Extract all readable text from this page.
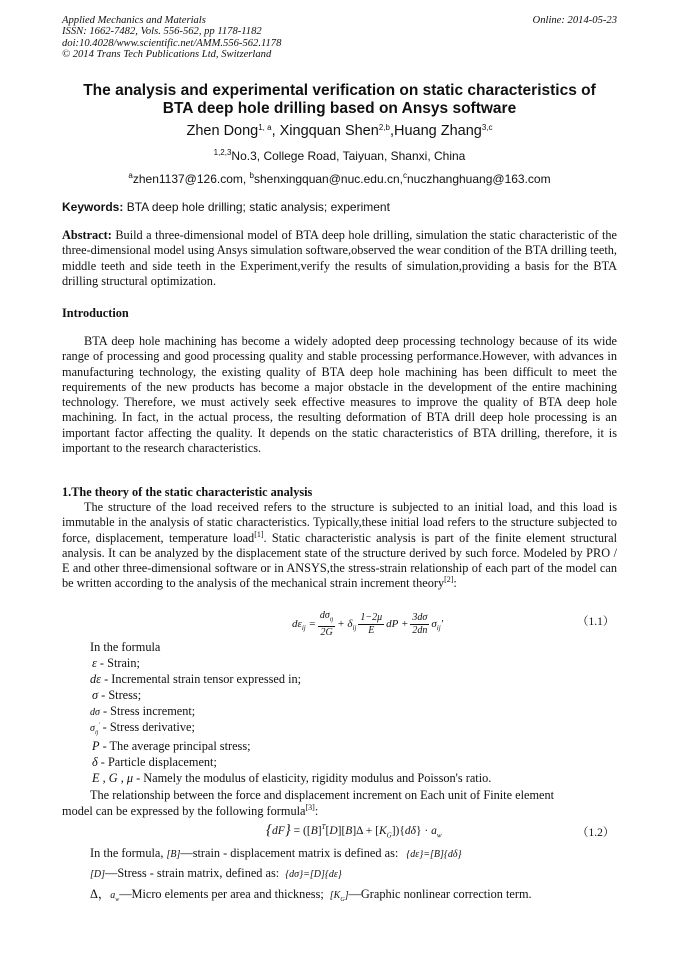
Applied Mechanics and Materials
ISSN: 1662-7482, Vols. 556-562, pp 1178-1182
doi:10.4028/www.scientific.net/AMM.556-562.1178
© 2014 Trans Tech Publications Ltd, Switzerland
Online: 2014-05-23
The analysis and experimental verification on static characteristics of
BTA deep hole drilling based on Ansys software
Zhen Dong$^{1, a}$, Xingquan Shen$^{2,b}$,Huang Zhang$^{3,c}$
$^{1,2,3}$No.3, College Road, Taiyuan, Shanxi, China
$^a$zhen1137@126.com, $^b$shenxingquan@nuc.edu.cn,$^c$nuczhanghuang@163.com
Keywords: BTA deep hole drilling; static analysis; experiment
Abstract: Build a three-dimensional model of BTA deep hole drilling, simulation the static characteristic of the three-dimensional model using Ansys simulation software,observed the wear condition of the BTA drilling teeth, middle teeth and side teeth in the Experiment,verify the results of simulation,providing a basis for the BTA drilling structural optimization.
Introduction
BTA deep hole machining has become a widely adopted deep processing technology because of its wide range of processing and good processing quality and stable processing performance.However, with advances in manufacturing technology, the existing quality of BTA deep hole machining has been difficult to meet the requirements of the new products has become a major obstacle in the development of the entire machining technology. Therefore, we must actively seek effective measures to improve the quality of BTA deep hole machining. In fact, in the actual process, the resulting deformation of BTA drill deep hole processing is an important factor affecting the quality. It depends on the static characteristics of BTA drilling, therefore, it is important to the research characteristics.
1.The theory of the static characteristic analysis
The structure of the load received refers to the structure is subjected to an initial load, and this load is immutable in the analysis of static characteristics. Typically,these initial load refers to the structure subjected to force, displacement, temperature load[1]. Static characteristic analysis is part of the finite element structural analysis. It can be analyzed by the displacement state of the structure derived by such force. Modeled by PRO / E and other three-dimensional software or in ANSYS,the stress-strain relationship of each part of the model can be written according to the analysis of the mechanical strain increment theory[2]:
$d\varepsilon_{ij} = \frac{d\sigma_{ij}}{2G} + \delta_{ij} \frac{1-2\mu}{E}$ dP + $\frac{3d\sigma}{2dn} \sigma_{ij}'$	（1.1）
In the formula
ε - Strain;
dε - Incremental strain tensor expressed in;
σ - Stress;
dσ - Stress increment;
$\sigma_{ij}'$ - Stress derivative;
P - The average principal stress;
δ - Particle displacement;
E , G , μ - Namely the modulus of elasticity, rigidity modulus and Poisson's ratio.
The relationship between the force and displacement increment on Each unit of Finite element
model can be expressed by the following formula[3]:
$\{dF\} = ([B]^T[D][B]\Delta + [K_G])\{d\delta\} \cdot a_w$	（1.2）
In the formula, [B]—strain - displacement matrix is defined as: {dε}=[B]{dδ}
[D]—Stress - strain matrix, defined as: {dσ}=[D]{dε}
Δ，$a_w—Micro$ elements per area and thickness; $[K_G]—Graphic$ nonlinear correction term.
